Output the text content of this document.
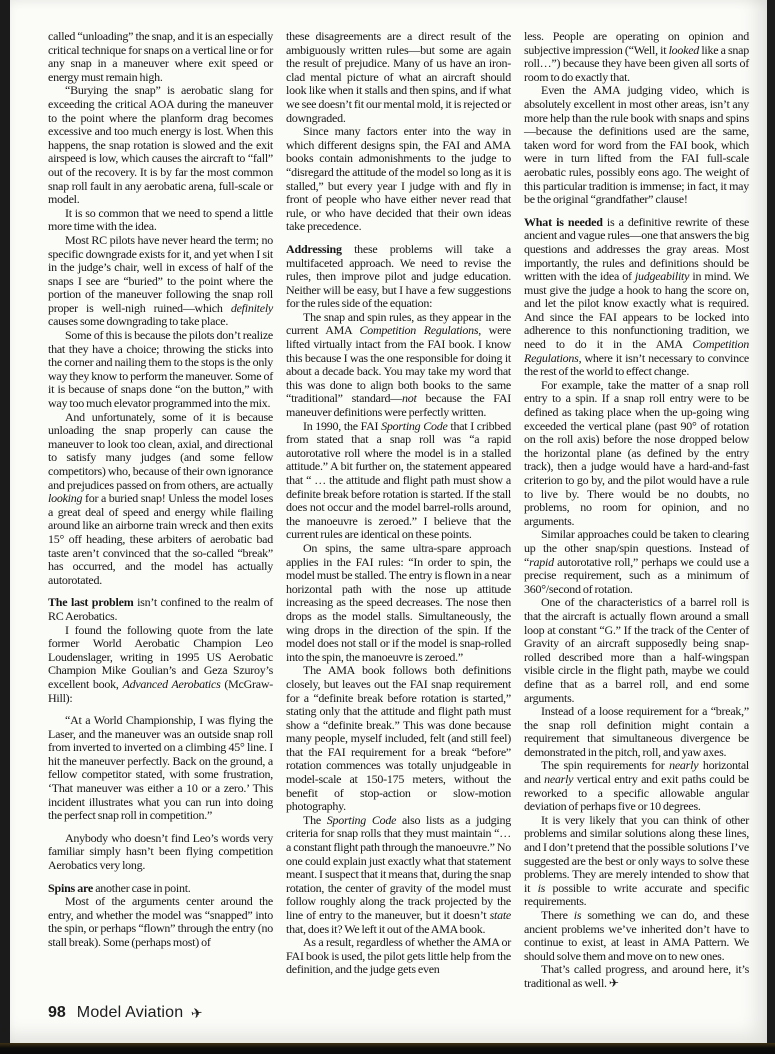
called “unloading” the snap, and it is an especially critical technique for snaps on a vertical line or for any snap in a maneuver where exit speed or energy must remain high.

“Burying the snap” is aerobatic slang for exceeding the critical AOA during the maneuver to the point where the planform drag becomes excessive and too much energy is lost. When this happens, the snap rotation is slowed and the exit airspeed is low, which causes the aircraft to “fall” out of the recovery. It is by far the most common snap roll fault in any aerobatic arena, full-scale or model.

It is so common that we need to spend a little more time with the idea.

Most RC pilots have never heard the term; no specific downgrade exists for it, and yet when I sit in the judge’s chair, well in excess of half of the snaps I see are “buried” to the point where the portion of the maneuver following the snap roll proper is well-nigh ruined—which definitely causes some downgrading to take place.

Some of this is because the pilots don’t realize that they have a choice; throwing the sticks into the corner and nailing them to the stops is the only way they know to perform the maneuver. Some of it is because of snaps done “on the button,” with way too much elevator programmed into the mix.

And unfortunately, some of it is because unloading the snap properly can cause the maneuver to look too clean, axial, and directional to satisfy many judges (and some fellow competitors) who, because of their own ignorance and prejudices passed on from others, are actually looking for a buried snap! Unless the model loses a great deal of speed and energy while flailing around like an airborne train wreck and then exits 15° off heading, these arbiters of aerobatic bad taste aren’t convinced that the so-called “break” has occurred, and the model has actually autorotated.

The last problem isn’t confined to the realm of RC Aerobatics.

I found the following quote from the late former World Aerobatic Champion Leo Loudenslager, writing in 1995 US Aerobatic Champion Mike Goulian’s and Geza Szuroy’s excellent book, Advanced Aerobatics (McGraw-Hill):

“At a World Championship, I was flying the Laser, and the maneuver was an outside snap roll from inverted to inverted on a climbing 45° line. I hit the maneuver perfectly. Back on the ground, a fellow competitor stated, with some frustration, ‘That maneuver was either a 10 or a zero.’ This incident illustrates what you can run into doing the perfect snap roll in competition.”

Anybody who doesn’t find Leo’s words very familiar simply hasn’t been flying competition Aerobatics very long.

Spins are another case in point.

Most of the arguments center around the entry, and whether the model was “snapped” into the spin, or perhaps “flown” through the entry (no stall break). Some (perhaps most) of

these disagreements are a direct result of the ambiguously written rules—but some are again the result of prejudice. Many of us have an iron-clad mental picture of what an aircraft should look like when it stalls and then spins, and if what we see doesn’t fit our mental mold, it is rejected or downgraded.

Since many factors enter into the way in which different designs spin, the FAI and AMA books contain admonishments to the judge to “disregard the attitude of the model so long as it is stalled,” but every year I judge with and fly in front of people who have either never read that rule, or who have decided that their own ideas take precedence.

Addressing these problems will take a multifaceted approach. We need to revise the rules, then improve pilot and judge education. Neither will be easy, but I have a few suggestions for the rules side of the equation:

The snap and spin rules, as they appear in the current AMA Competition Regulations, were lifted virtually intact from the FAI book. I know this because I was the one responsible for doing it about a decade back. You may take my word that this was done to align both books to the same “traditional” standard—not because the FAI maneuver definitions were perfectly written.

In 1990, the FAI Sporting Code that I cribbed from stated that a snap roll was “a rapid autorotative roll where the model is in a stalled attitude.” A bit further on, the statement appeared that “ … the attitude and flight path must show a definite break before rotation is started. If the stall does not occur and the model barrel-rolls around, the manoeuvre is zeroed.” I believe that the current rules are identical on these points.

On spins, the same ultra-spare approach applies in the FAI rules: “In order to spin, the model must be stalled. The entry is flown in a near horizontal path with the nose up attitude increasing as the speed decreases. The nose then drops as the model stalls. Simultaneously, the wing drops in the direction of the spin. If the model does not stall or if the model is snap-rolled into the spin, the manoeuvre is zeroed.”

The AMA book follows both definitions closely, but leaves out the FAI snap requirement for a “definite break before rotation is started,” stating only that the attitude and flight path must show a “definite break.” This was done because many people, myself included, felt (and still feel) that the FAI requirement for a break “before” rotation commences was totally unjudgeable in model-scale at 150-175 meters, without the benefit of stop-action or slow-motion photography.

The Sporting Code also lists as a judging criteria for snap rolls that they must maintain “… a constant flight path through the manoeuvre.” No one could explain just exactly what that statement meant. I suspect that it means that, during the snap rotation, the center of gravity of the model must follow roughly along the track projected by the line of entry to the maneuver, but it doesn’t state that, does it? We left it out of the AMA book.

As a result, regardless of whether the AMA or FAI book is used, the pilot gets little help from the definition, and the judge gets even

less. People are operating on opinion and subjective impression (“Well, it looked like a snap roll…”) because they have been given all sorts of room to do exactly that.

Even the AMA judging video, which is absolutely excellent in most other areas, isn’t any more help than the rule book with snaps and spins—because the definitions used are the same, taken word for word from the FAI book, which were in turn lifted from the FAI full-scale aerobatic rules, possibly eons ago. The weight of this particular tradition is immense; in fact, it may be the original “grandfather” clause!

What is needed is a definitive rewrite of these ancient and vague rules—one that answers the big questions and addresses the gray areas. Most importantly, the rules and definitions should be written with the idea of judgeability in mind. We must give the judge a hook to hang the score on, and let the pilot know exactly what is required. And since the FAI appears to be locked into adherence to this nonfunctioning tradition, we need to do it in the AMA Competition Regulations, where it isn’t necessary to convince the rest of the world to effect change.

For example, take the matter of a snap roll entry to a spin. If a snap roll entry were to be defined as taking place when the up-going wing exceeded the vertical plane (past 90° of rotation on the roll axis) before the nose dropped below the horizontal plane (as defined by the entry track), then a judge would have a hard-and-fast criterion to go by, and the pilot would have a rule to live by. There would be no doubts, no problems, no room for opinion, and no arguments.

Similar approaches could be taken to clearing up the other snap/spin questions. Instead of “rapid autorotative roll,” perhaps we could use a precise requirement, such as a minimum of 360°/second of rotation.

One of the characteristics of a barrel roll is that the aircraft is actually flown around a small loop at constant “G.” If the track of the Center of Gravity of an aircraft supposedly being snap-rolled described more than a half-wingspan visible circle in the flight path, maybe we could define that as a barrel roll, and end some arguments.

Instead of a loose requirement for a “break,” the snap roll definition might contain a requirement that simultaneous divergence be demonstrated in the pitch, roll, and yaw axes.

The spin requirements for nearly horizontal and nearly vertical entry and exit paths could be reworked to a specific allowable angular deviation of perhaps five or 10 degrees.

It is very likely that you can think of other problems and similar solutions along these lines, and I don’t pretend that the possible solutions I’ve suggested are the best or only ways to solve these problems. They are merely intended to show that it is possible to write accurate and specific requirements.

There is something we can do, and these ancient problems we’ve inherited don’t have to continue to exist, at least in AMA Pattern. We should solve them and move on to new ones.

That’s called progress, and around here, it’s traditional as well. ✈

98 Model Aviation ✈
